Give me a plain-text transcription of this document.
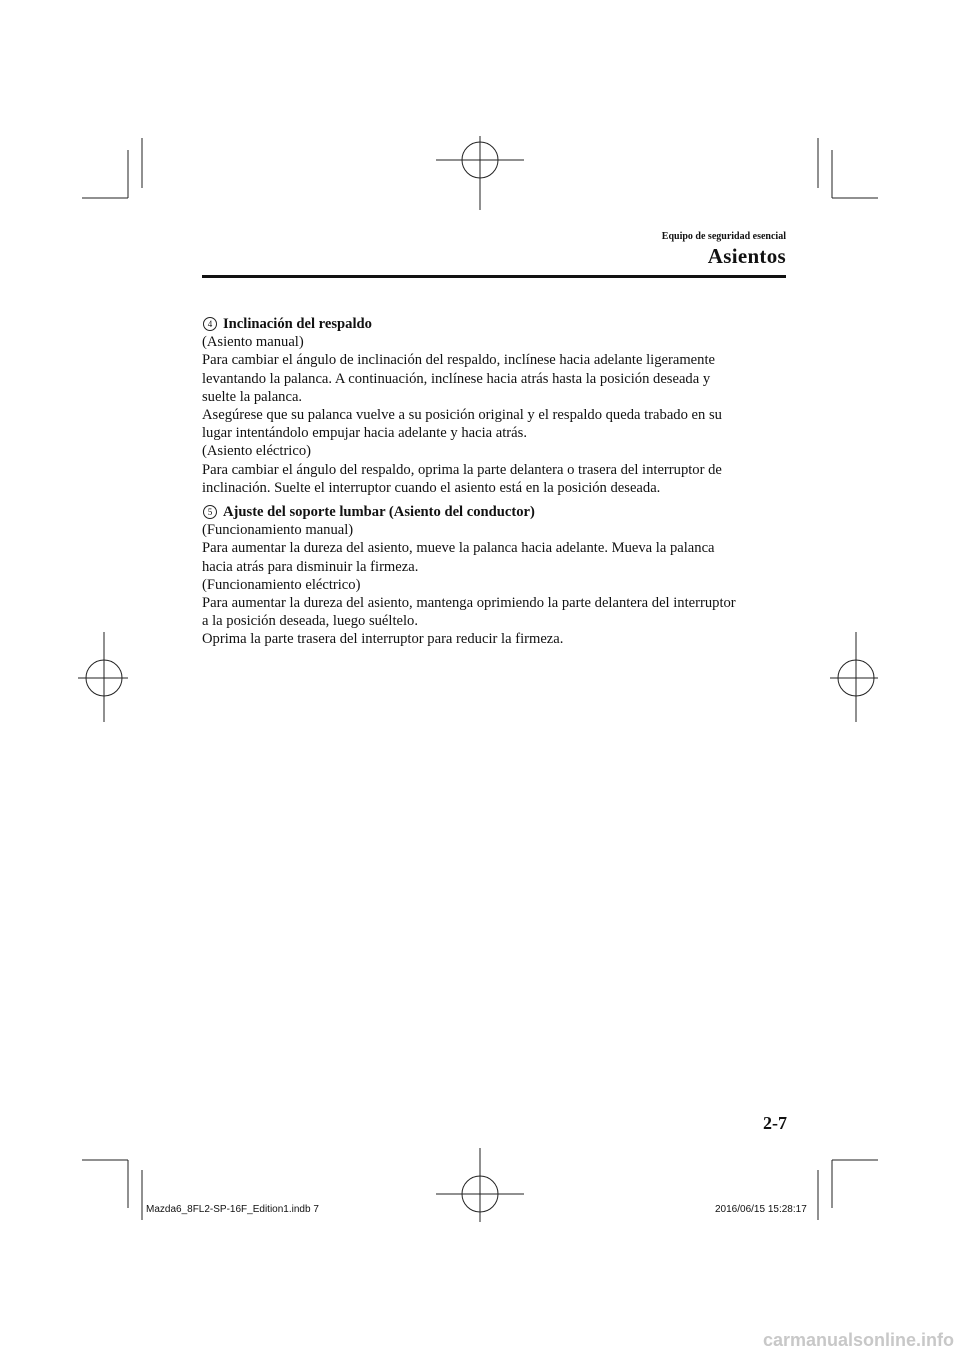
Equipo de seguridad esencial
Asientos
4 Inclinación del respaldo
(Asiento manual)
Para cambiar el ángulo de inclinación del respaldo, inclínese hacia adelante ligeramente
levantando la palanca. A continuación, inclínese hacia atrás hasta la posición deseada y
suelte la palanca.
Asegúrese que su palanca vuelve a su posición original y el respaldo queda trabado en su
lugar intentándolo empujar hacia adelante y hacia atrás.
(Asiento eléctrico)
Para cambiar el ángulo del respaldo, oprima la parte delantera o trasera del interruptor de
inclinación. Suelte el interruptor cuando el asiento está en la posición deseada.
5 Ajuste del soporte lumbar (Asiento del conductor)
(Funcionamiento manual)
Para aumentar la dureza del asiento, mueve la palanca hacia adelante. Mueva la palanca
hacia atrás para disminuir la firmeza.
(Funcionamiento eléctrico)
Para aumentar la dureza del asiento, mantenga oprimiendo la parte delantera del interruptor
a la posición deseada, luego suéltelo.
Oprima la parte trasera del interruptor para reducir la firmeza.
2-7
Mazda6_8FL2-SP-16F_Edition1.indb 7	2016/06/15 15:28:17
carmanualsonline.info
